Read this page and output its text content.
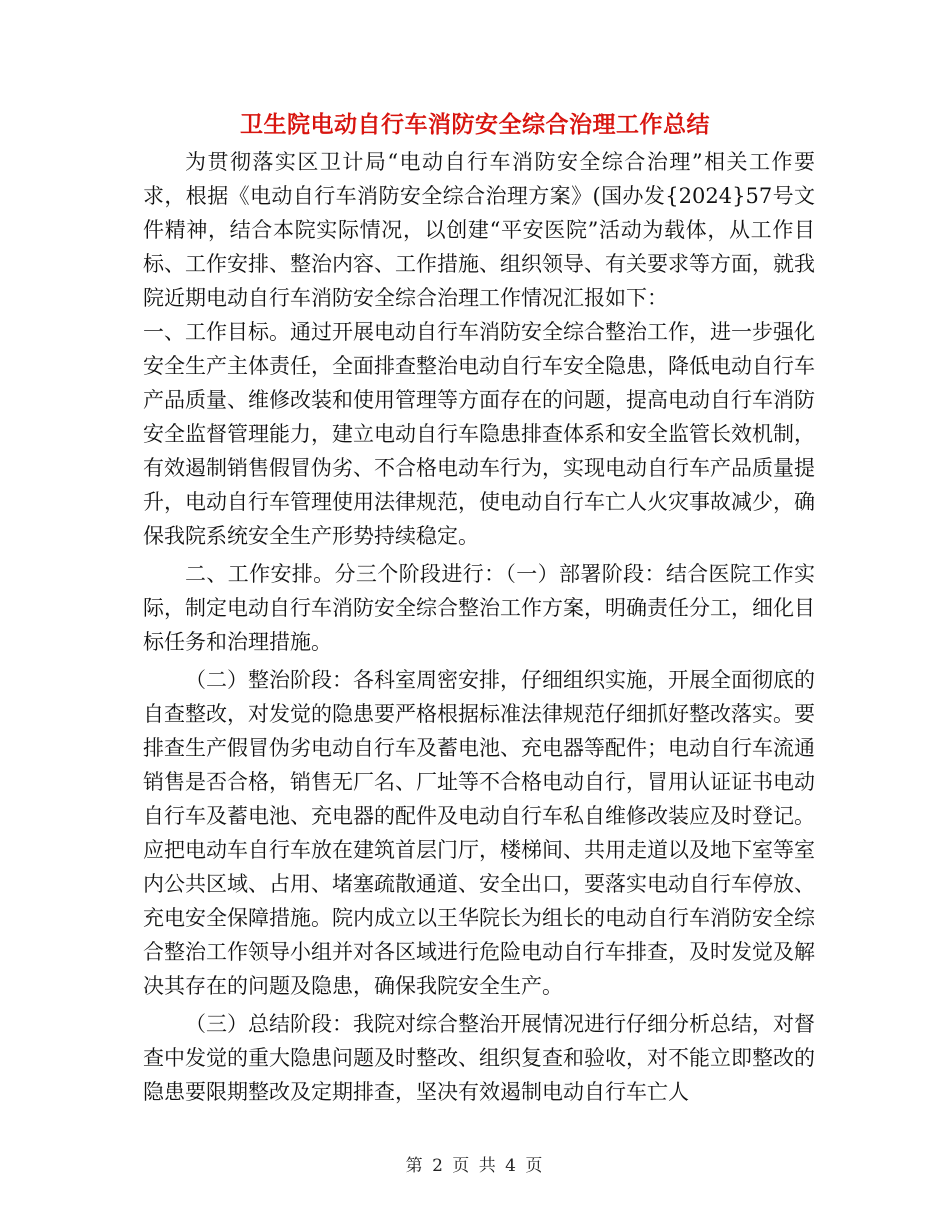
卫生院电动自行车消防安全综合治理工作总结

为贯彻落实区卫计局“电动自行车消防安全综合治理”相关工作要求，根据《电动自行车消防安全综合治理方案》(国办发{2024}57号文件精神，结合本院实际情况，以创建“平安医院”活动为载体，从工作目标、工作安排、整治内容、工作措施、组织领导、有关要求等方面，就我院近期电动自行车消防安全综合治理工作情况汇报如下：

一、工作目标。通过开展电动自行车消防安全综合整治工作，进一步强化安全生产主体责任，全面排查整治电动自行车安全隐患，降低电动自行车产品质量、维修改装和使用管理等方面存在的问题，提高电动自行车消防安全监督管理能力，建立电动自行车隐患排查体系和安全监管长效机制，有效遏制销售假冒伪劣、不合格电动车行为，实现电动自行车产品质量提升，电动自行车管理使用法律规范，使电动自行车亡人火灾事故减少，确保我院系统安全生产形势持续稳定。

二、工作安排。分三个阶段进行：（一）部署阶段：结合医院工作实际，制定电动自行车消防安全综合整治工作方案，明确责任分工，细化目标任务和治理措施。

（二）整治阶段：各科室周密安排，仔细组织实施，开展全面彻底的自查整改，对发觉的隐患要严格根据标准法律规范仔细抓好整改落实。要排查生产假冒伪劣电动自行车及蓄电池、充电器等配件；电动自行车流通销售是否合格，销售无厂名、厂址等不合格电动自行，冒用认证证书电动自行车及蓄电池、充电器的配件及电动自行车私自维修改装应及时登记。应把电动车自行车放在建筑首层门厅，楼梯间、共用走道以及地下室等室内公共区域、占用、堵塞疏散通道、安全出口，要落实电动自行车停放、充电安全保障措施。院内成立以王华院长为组长的电动自行车消防安全综合整治工作领导小组并对各区域进行危险电动自行车排查，及时发觉及解决其存在的问题及隐患，确保我院安全生产。

（三）总结阶段：我院对综合整治开展情况进行仔细分析总结，对督查中发觉的重大隐患问题及时整改、组织复查和验收，对不能立即整改的隐患要限期整改及定期排查，坚决有效遏制电动自行车亡人

第 2 页 共 4 页
